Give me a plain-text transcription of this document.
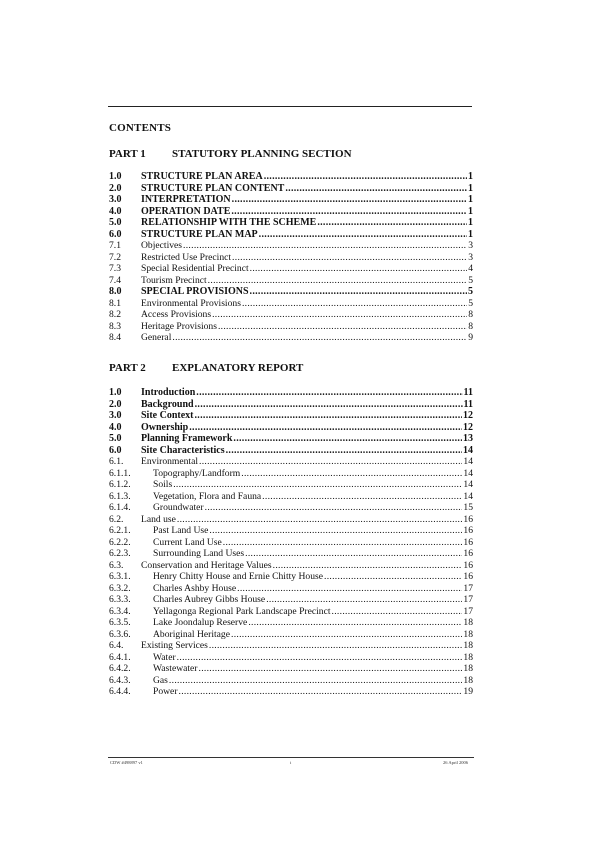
CONTENTS
PART 1 STATUTORY PLANNING SECTION
1.0	STRUCTURE PLAN AREA .....	1
2.0	STRUCTURE PLAN CONTENT .....	1
3.0	INTERPRETATION .....	1
4.0	OPERATION DATE .....	1
5.0	RELATIONSHIP WITH THE SCHEME .....	1
6.0	STRUCTURE PLAN MAP .....	1
7.1	Objectives .....	3
7.2	Restricted Use Precinct .....	3
7.3	Special Residential Precinct .....	4
7.4	Tourism Precinct .....	5
8.0	SPECIAL PROVISIONS .....	5
8.1	Environmental Provisions .....	5
8.2	Access Provisions .....	8
8.3	Heritage Provisions .....	8
8.4	General .....	9
PART 2 EXPLANATORY REPORT
1.0	Introduction .....	11
2.0	Background .....	11
3.0	Site Context .....	12
4.0	Ownership .....	12
5.0	Planning Framework .....	13
6.0	Site Characteristics .....	14
6.1.	Environmental .....	14
6.1.1.	Topography/Landform .....	14
6.1.2.	Soils .....	14
6.1.3.	Vegetation, Flora and Fauna .....	14
6.1.4.	Groundwater .....	15
6.2.	Land use .....	16
6.2.1.	Past Land Use .....	16
6.2.2.	Current Land Use .....	16
6.2.3.	Surrounding Land Uses .....	16
6.3.	Conservation and Heritage Values .....	16
6.3.1.	Henry Chitty House and Ernie Chitty House .....	16
6.3.2.	Charles Ashby House .....	17
6.3.3.	Charles Aubrey Gibbs House .....	17
6.3.4.	Yellagonga Regional Park Landscape Precinct .....	17
6.3.5.	Lake Joondalup Reserve .....	18
6.3.6.	Aboriginal Heritage .....	18
6.4.	Existing Services .....	18
6.4.1.	Water .....	18
6.4.2.	Wastewater .....	18
6.4.3.	Gas .....	18
6.4.4.	Power .....	19
CDW #498897 v1	i	26 April 2006
